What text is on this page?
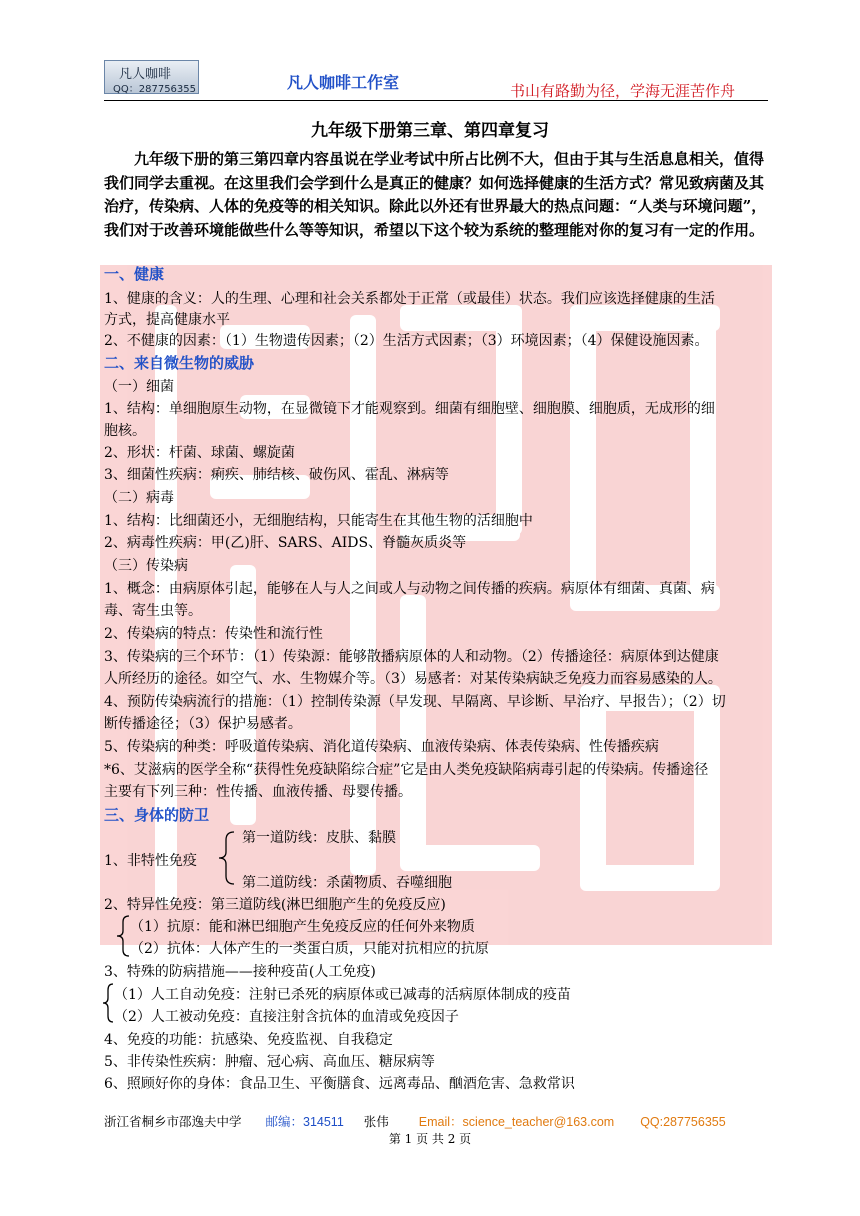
凡人咖啡
QQ：287756355	凡人咖啡工作室	书山有路勤为径，学海无涯苦作舟
九年级下册第三章、第四章复习
九年级下册的第三第四章内容虽说在学业考试中所占比例不大，但由于其与生活息息相关，值得我们同学去重视。在这里我们会学到什么是真正的健康？如何选择健康的生活方式？常见致病菌及其治疗，传染病、人体的免疫等的相关知识。除此以外还有世界最大的热点问题：“人类与环境问题”，我们对于改善环境能做些什么等等知识，希望以下这个较为系统的整理能对你的复习有一定的作用。
一、健康
1、健康的含义：人的生理、心理和社会关系都处于正常（或最佳）状态。我们应该选择健康的生活
方式，提高健康水平
2、不健康的因素：（1）生物遗传因素；（2）生活方式因素；（3）环境因素；（4）保健设施因素。
二、来自微生物的威胁
（一）细菌
1、结构：单细胞原生动物，在显微镜下才能观察到。细菌有细胞壁、细胞膜、细胞质，无成形的细
胞核。
2、形状：杆菌、球菌、螺旋菌
3、细菌性疾病：痢疾、肺结核、破伤风、霍乱、淋病等
（二）病毒
1、结构：比细菌还小，无细胞结构，只能寄生在其他生物的活细胞中
2、病毒性疾病：甲(乙)肝、SARS、AIDS、脊髓灰质炎等
（三）传染病
1、概念：由病原体引起，能够在人与人之间或人与动物之间传播的疾病。病原体有细菌、真菌、病
毒、寄生虫等。
2、传染病的特点：传染性和流行性
3、传染病的三个环节：（1）传染源：能够散播病原体的人和动物。（2）传播途径：病原体到达健康
人所经历的途径。如空气、水、生物媒介等。（3）易感者：对某传染病缺乏免疫力而容易感染的人。
4、预防传染病流行的措施：（1）控制传染源（早发现、早隔离、早诊断、早治疗、早报告）；（2）切
断传播途径；（3）保护易感者。
5、传染病的种类：呼吸道传染病、消化道传染病、血液传染病、体表传染病、性传播疾病
*6、艾滋病的医学全称“获得性免疫缺陷综合症”它是由人类免疫缺陷病毒引起的传染病。传播途径
主要有下列三种：性传播、血液传播、母婴传播。
三、身体的防卫
第一道防线：皮肤、黏膜
1、非特性免疫
第二道防线：杀菌物质、吞噬细胞
2、特异性免疫：第三道防线(淋巴细胞产生的免疫反应)
（1）抗原：能和淋巴细胞产生免疫反应的任何外来物质
（2）抗体：人体产生的一类蛋白质，只能对抗相应的抗原
3、特殊的防病措施——接种疫苗(人工免疫)
（1）人工自动免疫：注射已杀死的病原体或已减毒的活病原体制成的疫苗
（2）人工被动免疫：直接注射含抗体的血清或免疫因子
4、免疫的功能：抗感染、免疫监视、自我稳定
5、非传染性疾病：肿瘤、冠心病、高血压、糖尿病等
6、照顾好你的身体：食品卫生、平衡膳食、远离毒品、酗酒危害、急救常识
浙江省桐乡市邵逸夫中学 邮编：314511 张伟 Email：science_teacher@163.com QQ:287756355
第 1 页 共 2 页
